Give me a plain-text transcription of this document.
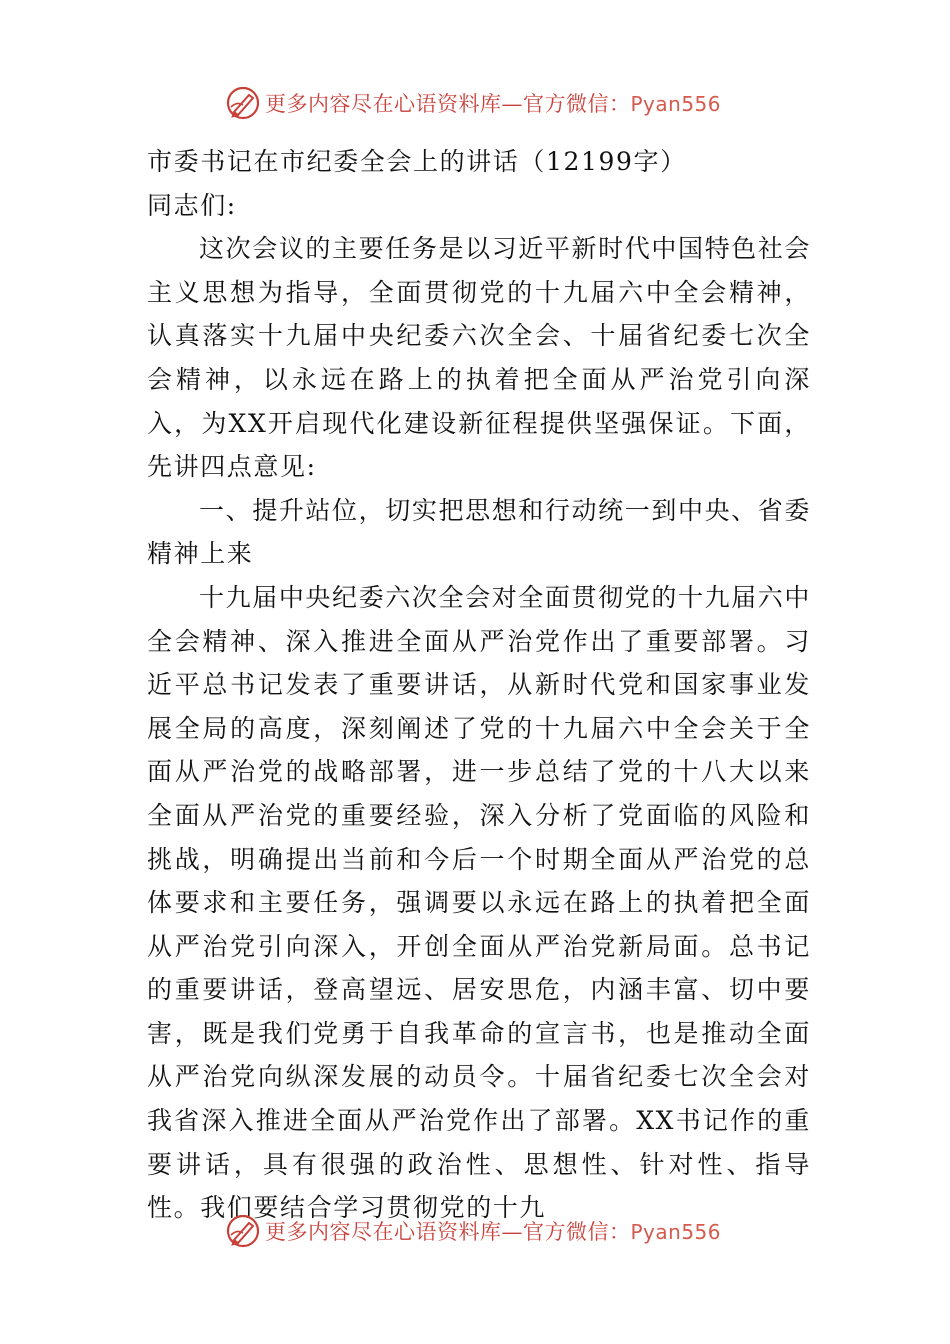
更多内容尽在心语资料库—官方微信：Pyan556

市委书记在市纪委全会上的讲话（12199字）

同志们:

这次会议的主要任务是以习近平新时代中国特色社会主义思想为指导，全面贯彻党的十九届六中全会精神，认真落实十九届中央纪委六次全会、十届省纪委七次全会精神，以永远在路上的执着把全面从严治党引向深入，为XX开启现代化建设新征程提供坚强保证。下面，先讲四点意见:

一、提升站位，切实把思想和行动统一到中央、省委精神上来

十九届中央纪委六次全会对全面贯彻党的十九届六中全会精神、深入推进全面从严治党作出了重要部署。习近平总书记发表了重要讲话，从新时代党和国家事业发展全局的高度，深刻阐述了党的十九届六中全会关于全面从严治党的战略部署，进一步总结了党的十八大以来全面从严治党的重要经验，深入分析了党面临的风险和挑战，明确提出当前和今后一个时期全面从严治党的总体要求和主要任务，强调要以永远在路上的执着把全面从严治党引向深入，开创全面从严治党新局面。总书记的重要讲话，登高望远、居安思危，内涵丰富、切中要害，既是我们党勇于自我革命的宣言书，也是推动全面从严治党向纵深发展的动员令。十届省纪委七次全会对我省深入推进全面从严治党作出了部署。XX书记作的重要讲话，具有很强的政治性、思想性、针对性、指导性。我们要结合学习贯彻党的十九

更多内容尽在心语资料库—官方微信：Pyan556
